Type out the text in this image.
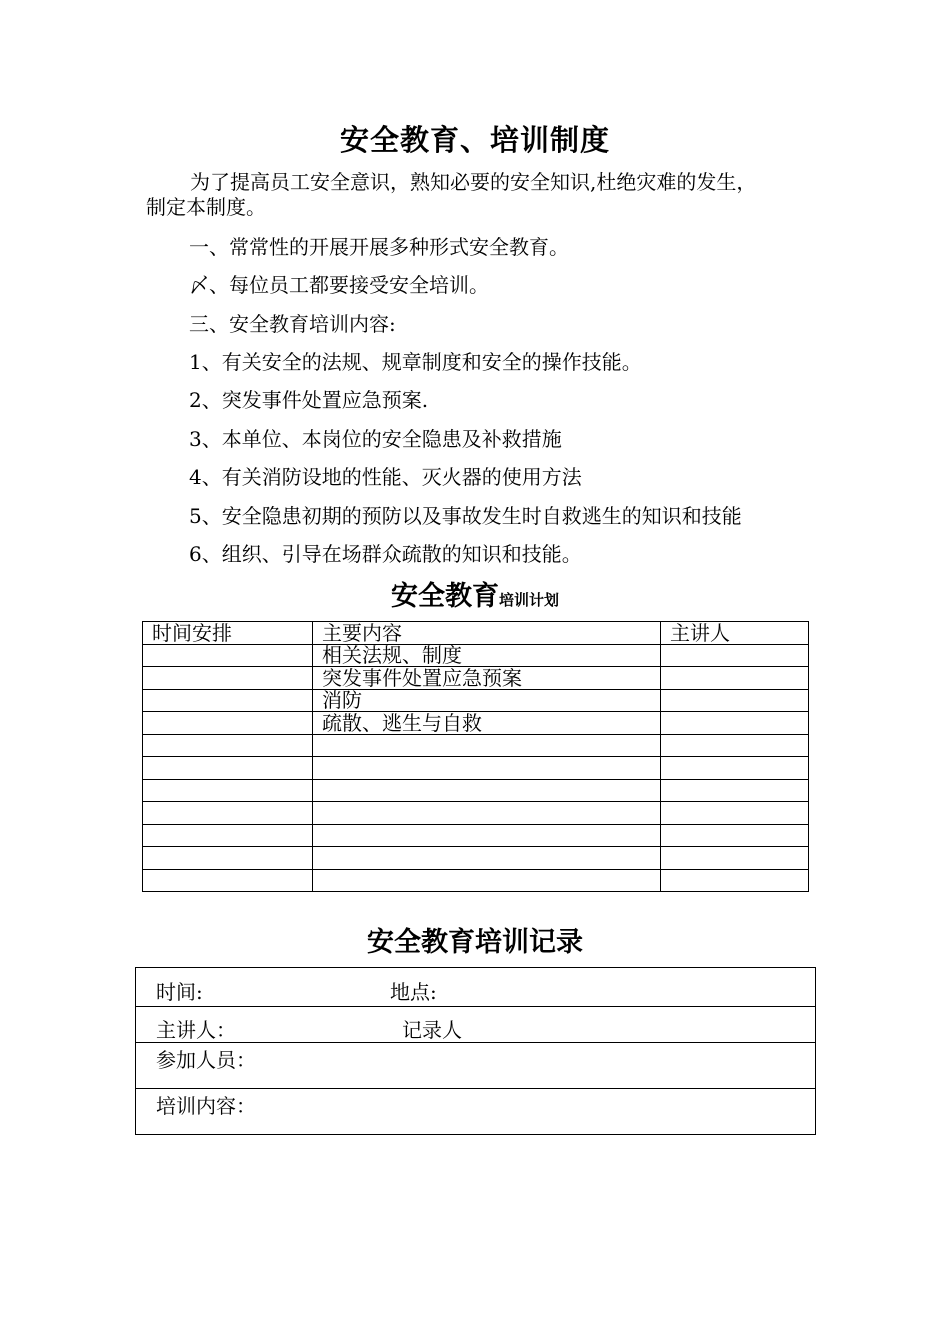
安全教育、培训制度
为了提高员工安全意识，熟知必要的安全知识,杜绝灾难的发生，
制定本制度。
一、常常性的开展开展多种形式安全教育。
〆、每位员工都要接受安全培训。
三、安全教育培训内容:
1、有关安全的法规、规章制度和安全的操作技能。
2、突发事件处置应急预案.
3、本单位、本岗位的安全隐患及补救措施
4、有关消防设地的性能、灭火器的使用方法
5、安全隐患初期的预防以及事故发生时自救逃生的知识和技能
6、组织、引导在场群众疏散的知识和技能。
安全教育培训计划
时间安排	主要内容	主讲人
	相关法规、制度	
	突发事件处置应急预案	
	消防	
	疏散、逃生与自救	

安全教育培训记录
时间:	地点:
主讲人：	记录人
参加人员：
培训内容：
